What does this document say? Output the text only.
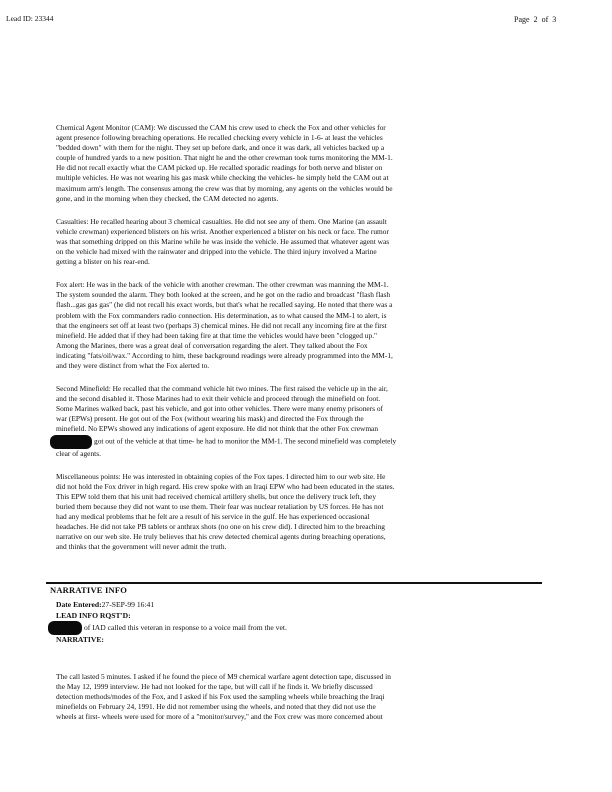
Lead ID: 23344	Page 2 of 3

Chemical Agent Monitor (CAM): We discussed the CAM his crew used to check the Fox and other vehicles for
agent presence following breaching operations. He recalled checking every vehicle in 1-6- at least the vehicles
"bedded down" with them for the night. They set up before dark, and once it was dark, all vehicles backed up a
couple of hundred yards to a new position. That night he and the other crewman took turns monitoring the MM-1.
He did not recall exactly what the CAM picked up. He recalled sporadic readings for both nerve and blister on
multiple vehicles. He was not wearing his gas mask while checking the vehicles- he simply held the CAM out at
maximum arm's length. The consensus among the crew was that by morning, any agents on the vehicles would be
gone, and in the morning when they checked, the CAM detected no agents.

Casualties: He recalled hearing about 3 chemical casualties. He did not see any of them. One Marine (an assault
vehicle crewman) experienced blisters on his wrist. Another experienced a blister on his neck or face. The rumor
was that something dripped on this Marine while he was inside the vehicle. He assumed that whatever agent was
on the vehicle had mixed with the rainwater and dripped into the vehicle. The third injury involved a Marine
getting a blister on his rear-end.

Fox alert: He was in the back of the vehicle with another crewman. The other crewman was manning the MM-1.
The system sounded the alarm. They both looked at the screen, and he got on the radio and broadcast "flash flash
flash...gas gas gas" (he did not recall his exact words, but that's what he recalled saying. He noted that there was a
problem with the Fox commanders radio connection. His determination, as to what caused the MM-1 to alert, is
that the engineers set off at least two (perhaps 3) chemical mines. He did not recall any incoming fire at the first
minefield. He added that if they had been taking fire at that time the vehicles would have been "clogged up."
Among the Marines, there was a great deal of conversation regarding the alert. They talked about the Fox
indicating "fats/oil/wax." According to him, these background readings were already programmed into the MM-1,
and they were distinct from what the Fox alerted to.

Second Minefield: He recalled that the command vehicle hit two mines. The first raised the vehicle up in the air,
and the second disabled it. Those Marines had to exit their vehicle and proceed through the minefield on foot.
Some Marines walked back, past his vehicle, and got into other vehicles. There were many enemy prisoners of
war (EPWs) present. He got out of the Fox (without wearing his mask) and directed the Fox through the
minefield. No EPWs showed any indications of agent exposure. He did not think that the other Fox crewman
got out of the vehicle at that time- he had to monitor the MM-1. The second minefield was completely
clear of agents.

Miscellaneous points: He was interested in obtaining copies of the Fox tapes. I directed him to our web site. He
did not hold the Fox driver in high regard. His crew spoke with an Iraqi EPW who had been educated in the states.
This EPW told them that his unit had received chemical artillery shells, but once the delivery truck left, they
buried them because they did not want to use them. Their fear was nuclear retaliation by US forces. He has not
had any medical problems that he felt are a result of his service in the gulf. He has experienced occasional
headaches. He did not take PB tablets or anthrax shots (no one on his crew did). I directed him to the breaching
narrative on our web site. He truly believes that his crew detected chemical agents during breaching operations,
and thinks that the government will never admit the truth.

NARRATIVE INFO
Date Entered:27-SEP-99 16:41
LEAD INFO RQST'D:
of IAD called this veteran in response to a voice mail from the vet.
NARRATIVE:
The call lasted 5 minutes. I asked if he found the piece of M9 chemical warfare agent detection tape, discussed in
the May 12, 1999 interview. He had not looked for the tape, but will call if he finds it. We briefly discussed
detection methods/modes of the Fox, and I asked if his Fox used the sampling wheels while breaching the Iraqi
minefields on February 24, 1991. He did not remember using the wheels, and noted that they did not use the
wheels at first- wheels were used for more of a "monitor/survey," and the Fox crew was more concerned about
